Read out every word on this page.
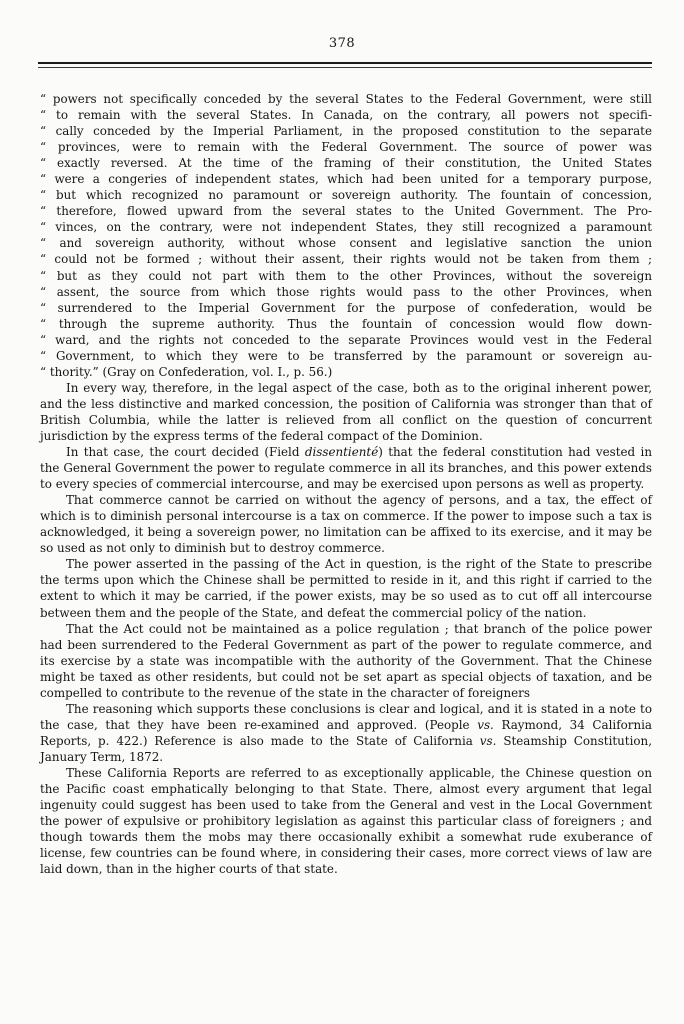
378
“ powers not specifically conceded by the several States to the Federal Government, were still
“ to remain with the several States. In Canada, on the contrary, all powers not specifi-
“ cally conceded by the Imperial Parliament, in the proposed constitution to the separate
“ provinces, were to remain with the Federal Government. The source of power was
“ exactly reversed. At the time of the framing of their constitution, the United States
“ were a congeries of independent states, which had been united for a temporary purpose,
“ but which recognized no paramount or sovereign authority. The fountain of concession,
“ therefore, flowed upward from the several states to the United Government. The Pro-
“ vinces, on the contrary, were not independent States, they still recognized a paramount
“ and sovereign authority, without whose consent and legislative sanction the union
“ could not be formed ; without their assent, their rights would not be taken from them ;
“ but as they could not part with them to the other Provinces, without the sovereign
“ assent, the source from which those rights would pass to the other Provinces, when
“ surrendered to the Imperial Government for the purpose of confederation, would be
“ through the supreme authority. Thus the fountain of concession would flow down-
“ ward, and the rights not conceded to the separate Provinces would vest in the Federal
“ Government, to which they were to be transferred by the paramount or sovereign au-
“ thority.” (Gray on Confederation, vol. I., p. 56.)

In every way, therefore, in the legal aspect of the case, both as to the original inherent power, and the less distinctive and marked concession, the position of California was stronger than that of British Columbia, while the latter is relieved from all conflict on the question of concurrent jurisdiction by the express terms of the federal compact of the Dominion.

In that case, the court decided (Field dissentienté) that the federal constitution had vested in the General Government the power to regulate commerce in all its branches, and this power extends to every species of commercial intercourse, and may be exercised upon persons as well as property.

That commerce cannot be carried on without the agency of persons, and a tax, the effect of which is to diminish personal intercourse is a tax on commerce. If the power to impose such a tax is acknowledged, it being a sovereign power, no limitation can be affixed to its exercise, and it may be so used as not only to diminish but to destroy commerce.

The power asserted in the passing of the Act in question, is the right of the State to prescribe the terms upon which the Chinese shall be permitted to reside in it, and this right if carried to the extent to which it may be carried, if the power exists, may be so used as to cut off all intercourse between them and the people of the State, and defeat the commercial policy of the nation.

That the Act could not be maintained as a police regulation ; that branch of the police power had been surrendered to the Federal Government as part of the power to regulate commerce, and its exercise by a state was incompatible with the authority of the Government. That the Chinese might be taxed as other residents, but could not be set apart as special objects of taxation, and be compelled to contribute to the revenue of the state in the character of foreigners

The reasoning which supports these conclusions is clear and logical, and it is stated in a note to the case, that they have been re-examined and approved. (People vs. Raymond, 34 California Reports, p. 422.) Reference is also made to the State of California vs. Steamship Constitution, January Term, 1872.

These California Reports are referred to as exceptionally applicable, the Chinese question on the Pacific coast emphatically belonging to that State. There, almost every argument that legal ingenuity could suggest has been used to take from the General and vest in the Local Government the power of expulsive or prohibitory legislation as against this particular class of foreigners ; and though towards them the mobs may there occasionally exhibit a somewhat rude exuberance of license, few countries can be found where, in considering their cases, more correct views of law are laid down, than in the higher courts of that state.
